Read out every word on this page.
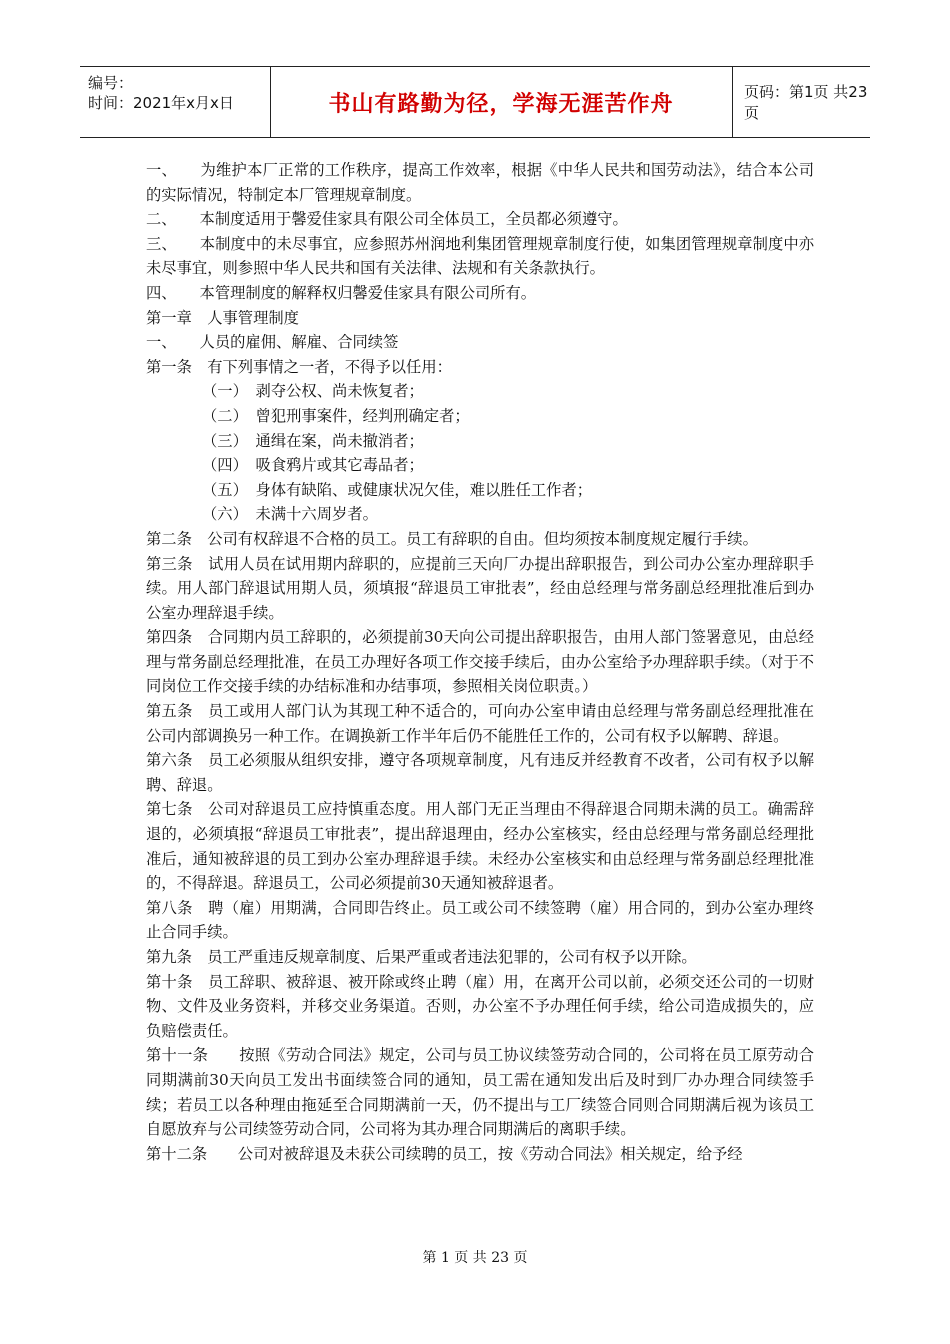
编号：
时间：2021年x月x日	书山有路勤为径，学海无涯苦作舟	页码：第1页 共23页

一、　　为维护本厂正常的工作秩序，提高工作效率，根据《中华人民共和国劳动法》，结合本公司的实际情况，特制定本厂管理规章制度。

二、　　本制度适用于馨爱佳家具有限公司全体员工，全员都必须遵守。

三、　　本制度中的未尽事宜，应参照苏州润地利集团管理规章制度行使，如集团管理规章制度中亦未尽事宜，则参照中华人民共和国有关法律、法规和有关条款执行。

四、　　本管理制度的解释权归馨爱佳家具有限公司所有。

第一章　人事管理制度

一、　　人员的雇佣、解雇、合同续签

第一条　有下列事情之一者，不得予以任用：

（一）　剥夺公权、尚未恢复者；

（二）　曾犯刑事案件，经判刑确定者；

（三）　通缉在案，尚未撤消者；

（四）　吸食鸦片或其它毒品者；

（五）　身体有缺陷、或健康状况欠佳，难以胜任工作者；

（六）　未满十六周岁者。

第二条　公司有权辞退不合格的员工。员工有辞职的自由。但均须按本制度规定履行手续。

第三条　试用人员在试用期内辞职的，应提前三天向厂办提出辞职报告，到公司办公室办理辞职手续。用人部门辞退试用期人员，须填报“辞退员工审批表”，经由总经理与常务副总经理批准后到办公室办理辞退手续。

第四条　合同期内员工辞职的，必须提前30天向公司提出辞职报告，由用人部门签署意见，由总经理与常务副总经理批准，在员工办理好各项工作交接手续后，由办公室给予办理辞职手续。（对于不同岗位工作交接手续的办结标准和办结事项，参照相关岗位职责。）

第五条　员工或用人部门认为其现工种不适合的，可向办公室申请由总经理与常务副总经理批准在公司内部调换另一种工作。在调换新工作半年后仍不能胜任工作的，公司有权予以解聘、辞退。

第六条　员工必须服从组织安排，遵守各项规章制度，凡有违反并经教育不改者，公司有权予以解聘、辞退。

第七条　公司对辞退员工应持慎重态度。用人部门无正当理由不得辞退合同期未满的员工。确需辞退的，必须填报“辞退员工审批表”，提出辞退理由，经办公室核实，经由总经理与常务副总经理批准后，通知被辞退的员工到办公室办理辞退手续。未经办公室核实和由总经理与常务副总经理批准的，不得辞退。辞退员工，公司必须提前30天通知被辞退者。

第八条　聘（雇）用期满，合同即告终止。员工或公司不续签聘（雇）用合同的，到办公室办理终止合同手续。

第九条　员工严重违反规章制度、后果严重或者违法犯罪的，公司有权予以开除。

第十条　员工辞职、被辞退、被开除或终止聘（雇）用，在离开公司以前，必须交还公司的一切财物、文件及业务资料，并移交业务渠道。否则，办公室不予办理任何手续，给公司造成损失的，应负赔偿责任。

第十一条　　按照《劳动合同法》规定，公司与员工协议续签劳动合同的，公司将在员工原劳动合同期满前30天向员工发出书面续签合同的通知，员工需在通知发出后及时到厂办办理合同续签手续；若员工以各种理由拖延至合同期满前一天，仍不提出与工厂续签合同则合同期满后视为该员工自愿放弃与公司续签劳动合同，公司将为其办理合同期满后的离职手续。

第十二条　　公司对被辞退及未获公司续聘的员工，按《劳动合同法》相关规定，给予经

第 1 页 共 23 页
